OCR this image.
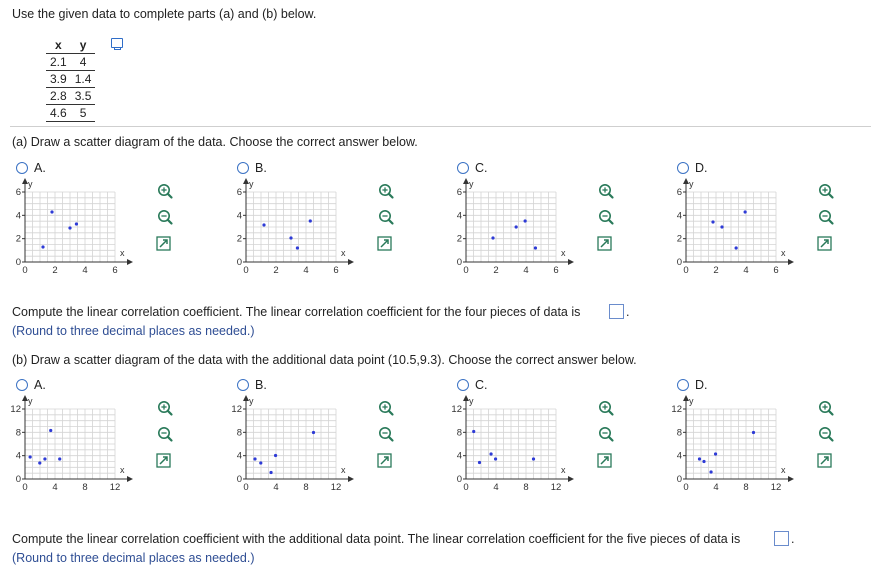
Use the given data to complete parts (a) and (b) below.
x	y
2.1	4
3.9	1.4
2.8	3.5
4.6	5
(a) Draw a scatter diagram of the data. Choose the correct answer below.
A.
y
x
0	2	4	6
0
2
4
6
B.
y
x
0	2	4	6
0
2
4
6
C.
y
x
0	2	4	6
0
2
4
6
D.
y
x
0	2	4	6
0
2
4
6
Compute the linear correlation coefficient. The linear correlation coefficient for the four pieces of data is	.
(Round to three decimal places as needed.)
(b) Draw a scatter diagram of the data with the additional data point (10.5,9.3). Choose the correct answer below.
A.
y
x
0	4	8 12
0
4
8
12
B.
y
x
0	4	8 12
0
4
8
12
C.
y
x
0	4	8 12
0
4
8
12
D.
y
x
0	4	8 12
0
4
8
12
Compute the linear correlation coefficient with the additional data point. The linear correlation coefficient for the five pieces of data is	.
(Round to three decimal places as needed.)
